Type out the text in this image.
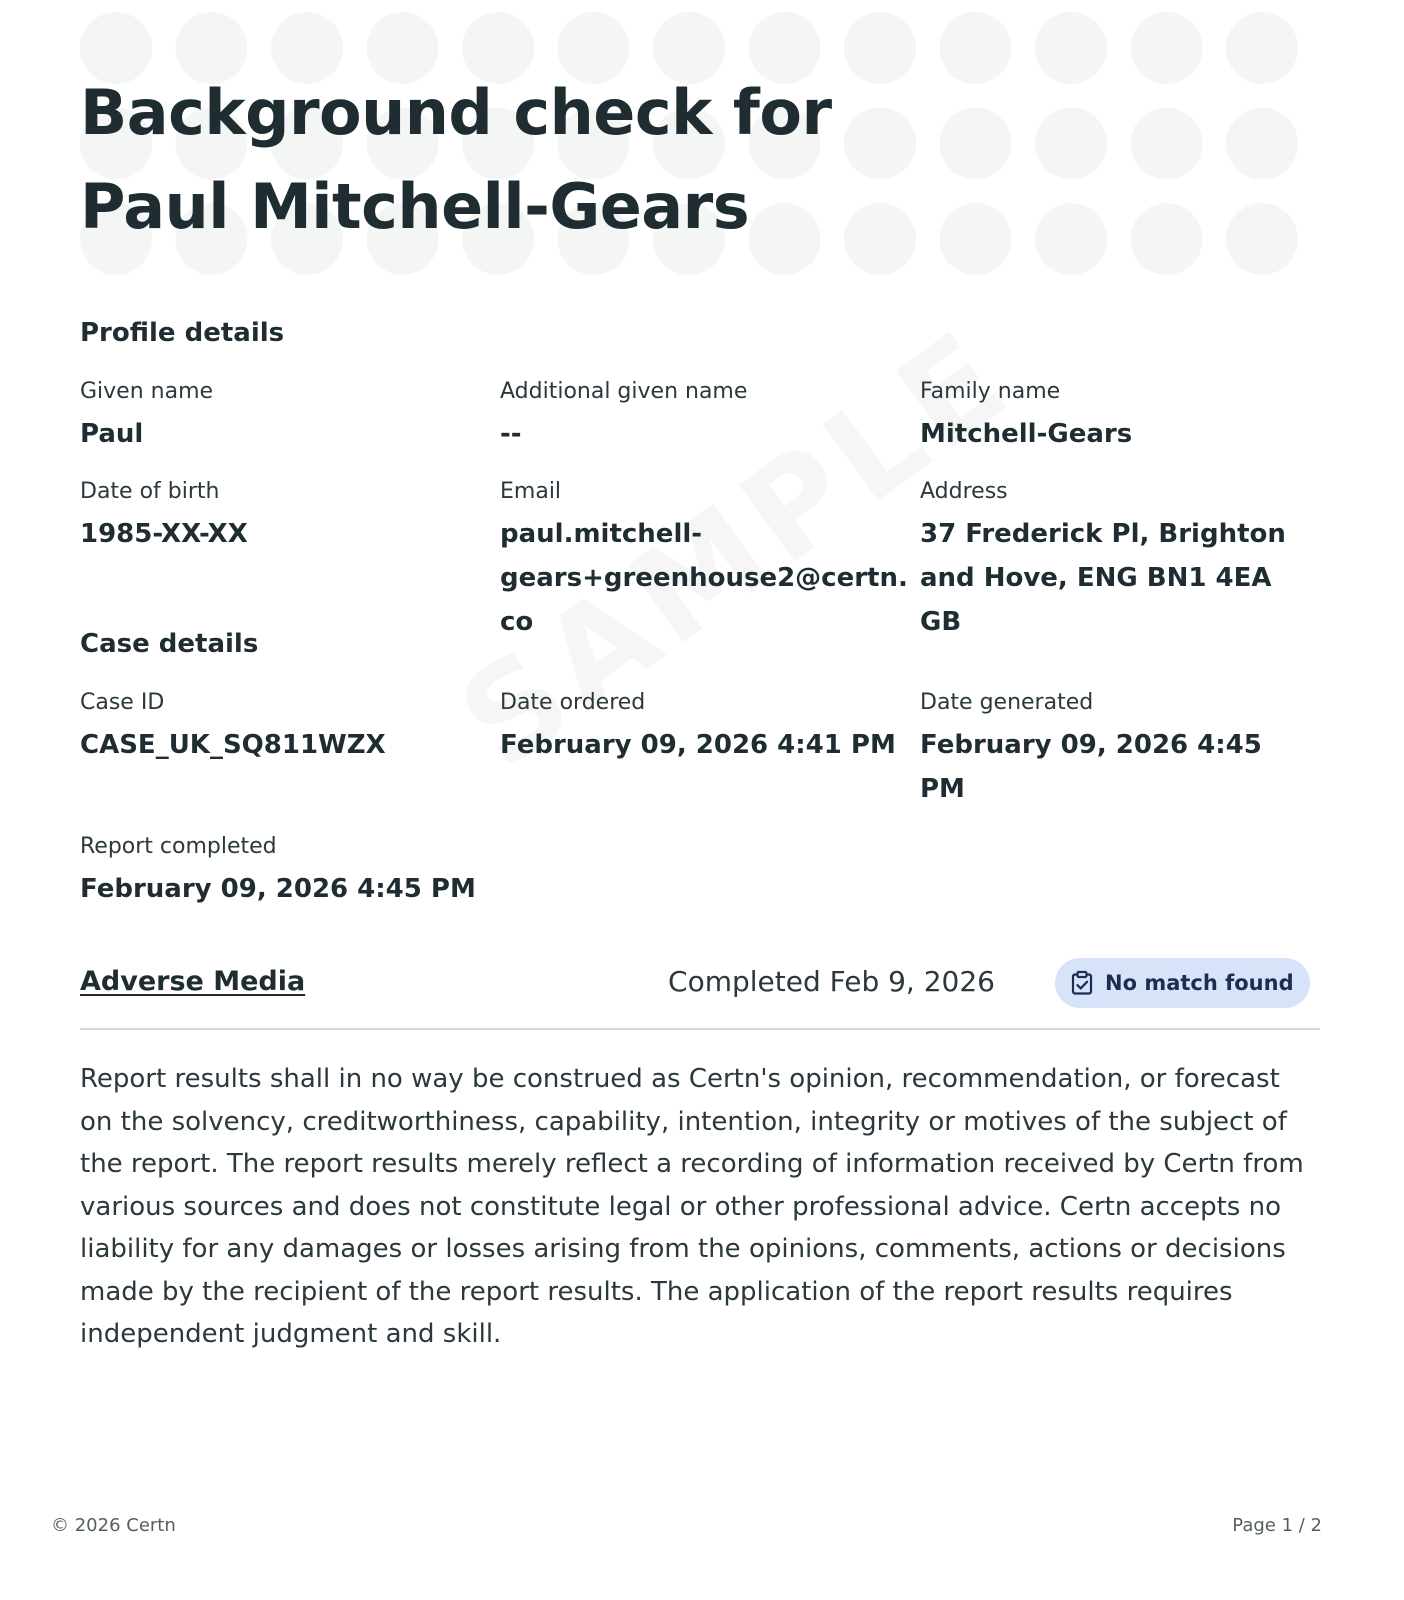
Background check for
Paul Mitchell-Gears
Profile details
Given name
Paul
Additional given name
--
Family name
Mitchell-Gears
Date of birth
1985-XX-XX
Email
paul.mitchell-gears+greenhouse2@certn.co
Address
37 Frederick Pl, Brighton and Hove, ENG BN1 4EA GB
Case details
Case ID
CASE_UK_SQ811WZX
Date ordered
February 09, 2026 4:41 PM
Date generated
February 09, 2026 4:45 PM
Report completed
February 09, 2026 4:45 PM
Adverse Media	Completed Feb 9, 2026	No match found

Report results shall in no way be construed as Certn's opinion, recommendation, or forecast on the solvency, creditworthiness, capability, intention, integrity or motives of the subject of the report. The report results merely reflect a recording of information received by Certn from various sources and does not constitute legal or other professional advice. Certn accepts no liability for any damages or losses arising from the opinions, comments, actions or decisions made by the recipient of the report results. The application of the report results requires independent judgment and skill.

© 2026 Certn	Page 1 / 2
